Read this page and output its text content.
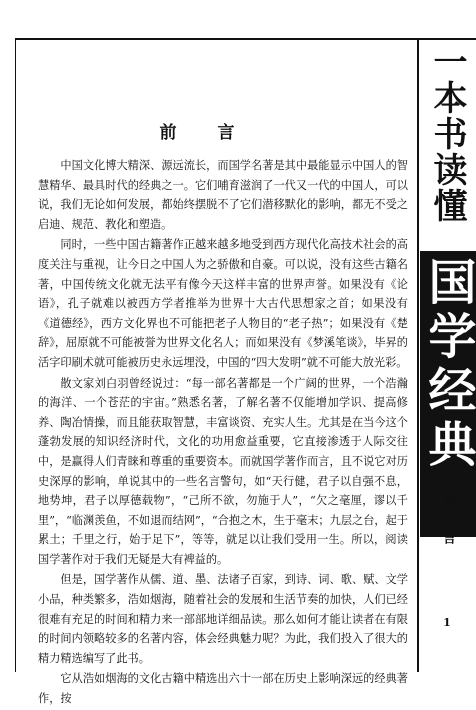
前　言

中国文化博大精深、源远流长，而国学名著是其中最能显示中国人的智慧精华、最具时代的经典之一。它们哺育滋润了一代又一代的中国人，可以说，我们无论如何发展，都始终摆脱不了它们潜移默化的影响，都无不受之启迪、规范、教化和塑造。

同时，一些中国古籍著作正越来越多地受到西方现代化高技术社会的高度关注与重视，让今日之中国人为之骄傲和自豪。可以说，没有这些古籍名著，中国传统文化就无法平有像今天这样丰富的世界声誉。如果没有《论语》，孔子就难以被西方学者推举为世界十大古代思想家之首；如果没有《道德经》，西方文化界也不可能把老子人物目的“老子热”；如果没有《楚辞》，屈原就不可能被誉为世界文化名人；而如果没有《梦溪笔谈》，毕昇的活字印刷术就可能被历史永远埋没，中国的“四大发明”就不可能大放光彩。

散文家刘白羽曾经说过：“每一部名著都是一个广阔的世界，一个浩瀚的海洋、一个苍茫的宇宙。”熟悉名著，了解名著不仅能增加学识、提高修养、陶冶情操，而且能获取智慧，丰富谈资、充实人生。尤其是在当今这个蓬勃发展的知识经济时代，文化的功用愈益重要，它直接渗透于人际交往中，是赢得人们青睐和尊重的重要资本。而就国学著作而言，且不说它对历史深厚的影响，单说其中的一些名言警句，如“天行健，君子以自强不息，地势坤，君子以厚德载物”，“己所不欲，勿施于人”，“欠之毫厘，谬以千里”，“临渊羡鱼，不如退而结网”，“合抱之木，生于毫末；九层之台，起于累土；千里之行，始于足下”，等等，就足以让我们受用一生。所以，阅读国学著作对于我们无疑是大有裨益的。

但是，国学著作从儒、道、墨、法诸子百家，到诗、词、歌、赋、文学小品，种类繁多，浩如烟海，随着社会的发展和生活节奏的加快，人们已经很难有充足的时间和精力来一部部地详细品读。那么如何才能让读者在有限的时间内领略较多的名著内容，体会经典魅力呢？为此，我们投入了很大的精力精选编写了此书。

它从浩如烟海的文化古籍中精选出六十一部在历史上影响深远的经典著作，按

一本书读懂
国学经典
前言
1
